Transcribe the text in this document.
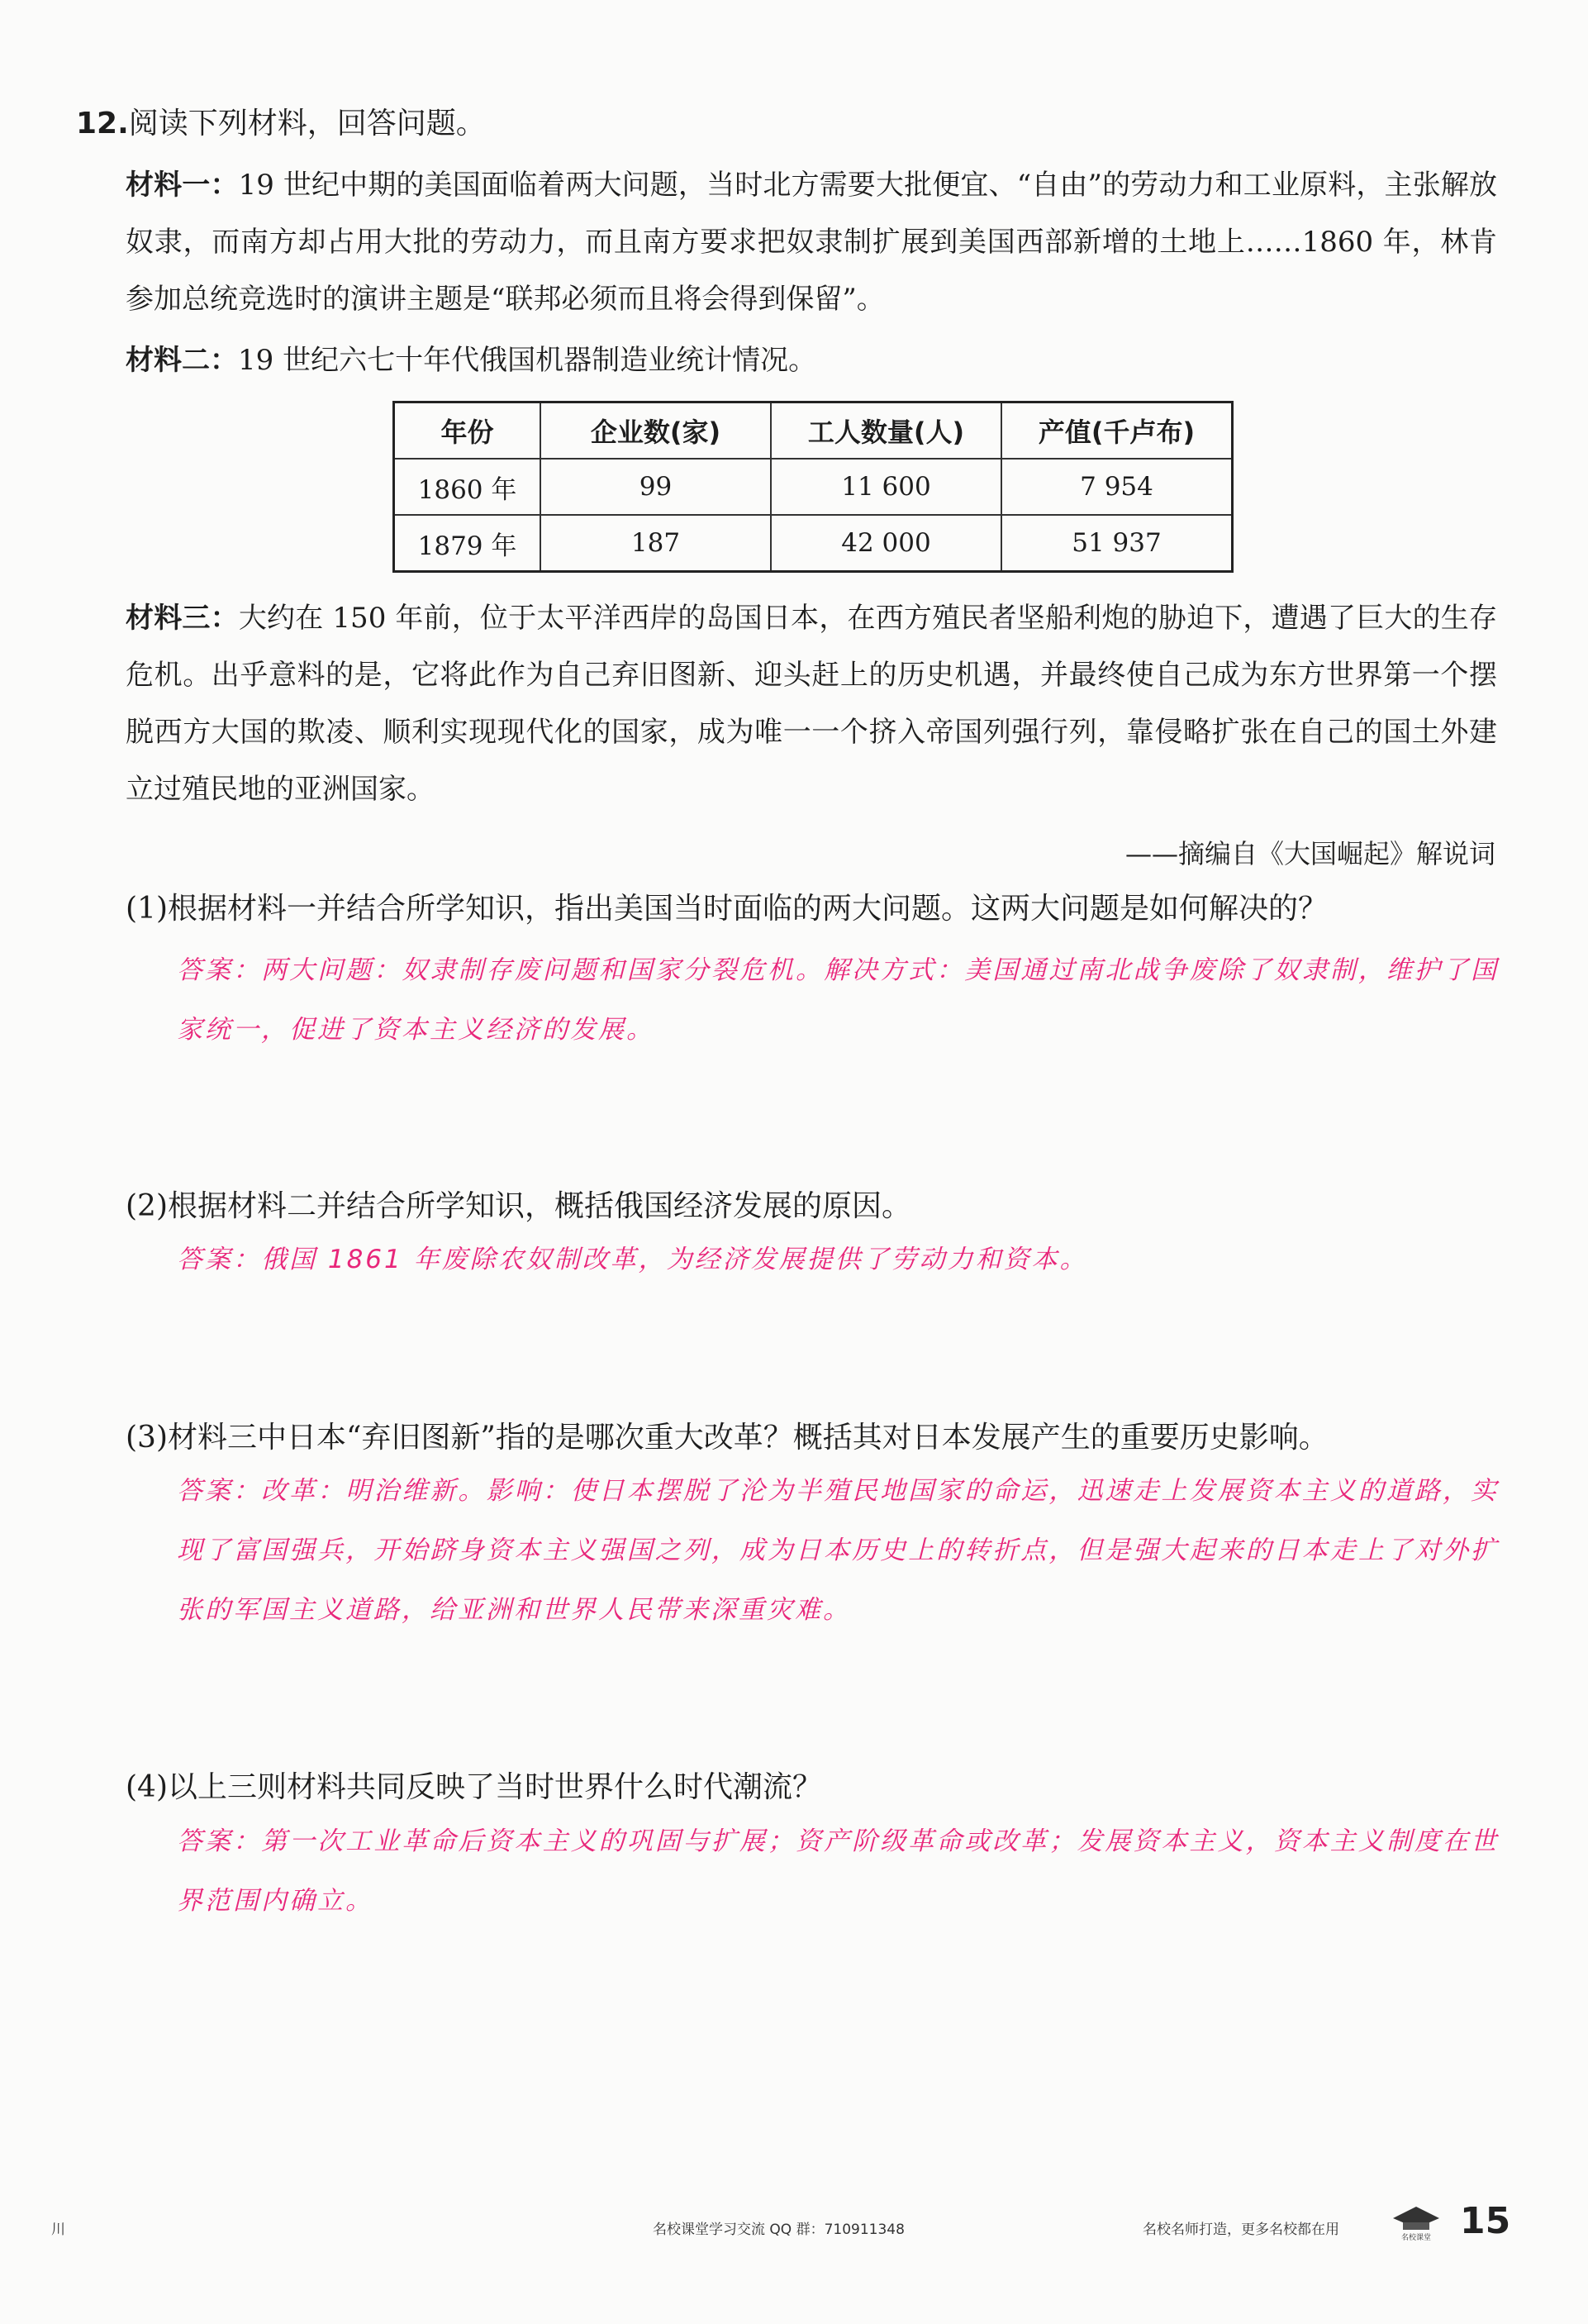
12.阅读下列材料，回答问题。
材料一：19 世纪中期的美国面临着两大问题，当时北方需要大批便宜、“自由”的劳动力和工业原料，主张解放奴隶，而南方却占用大批的劳动力，而且南方要求把奴隶制扩展到美国西部新增的土地上……1860 年，林肯参加总统竞选时的演讲主题是“联邦必须而且将会得到保留”。
材料二：19 世纪六七十年代俄国机器制造业统计情况。
年份	企业数(家)	工人数量(人)	产值(千卢布)
1860 年	99	11 600	7 954
1879 年	187	42 000	51 937
材料三：大约在 150 年前，位于太平洋西岸的岛国日本，在西方殖民者坚船利炮的胁迫下，遭遇了巨大的生存危机。出乎意料的是，它将此作为自己弃旧图新、迎头赶上的历史机遇，并最终使自己成为东方世界第一个摆脱西方大国的欺凌、顺利实现现代化的国家，成为唯一一个挤入帝国列强行列，靠侵略扩张在自己的国土外建立过殖民地的亚洲国家。
——摘编自《大国崛起》解说词
(1)根据材料一并结合所学知识，指出美国当时面临的两大问题。这两大问题是如何解决的？
答案：两大问题：奴隶制存废问题和国家分裂危机。解决方式：美国通过南北战争废除了奴隶制，维护了国家统一，促进了资本主义经济的发展。
(2)根据材料二并结合所学知识，概括俄国经济发展的原因。
答案：俄国 1861 年废除农奴制改革，为经济发展提供了劳动力和资本。
(3)材料三中日本“弃旧图新”指的是哪次重大改革？概括其对日本发展产生的重要历史影响。
答案：改革：明治维新。影响：使日本摆脱了沦为半殖民地国家的命运，迅速走上发展资本主义的道路，实现了富国强兵，开始跻身资本主义强国之列，成为日本历史上的转折点，但是强大起来的日本走上了对外扩张的军国主义道路，给亚洲和世界人民带来深重灾难。
(4)以上三则材料共同反映了当时世界什么时代潮流？
答案：第一次工业革命后资本主义的巩固与扩展；资产阶级革命或改革；发展资本主义，资本主义制度在世界范围内确立。
川	名校课堂学习交流 QQ 群：710911348	名校名师打造，更多名校都在用	名校课堂 15
